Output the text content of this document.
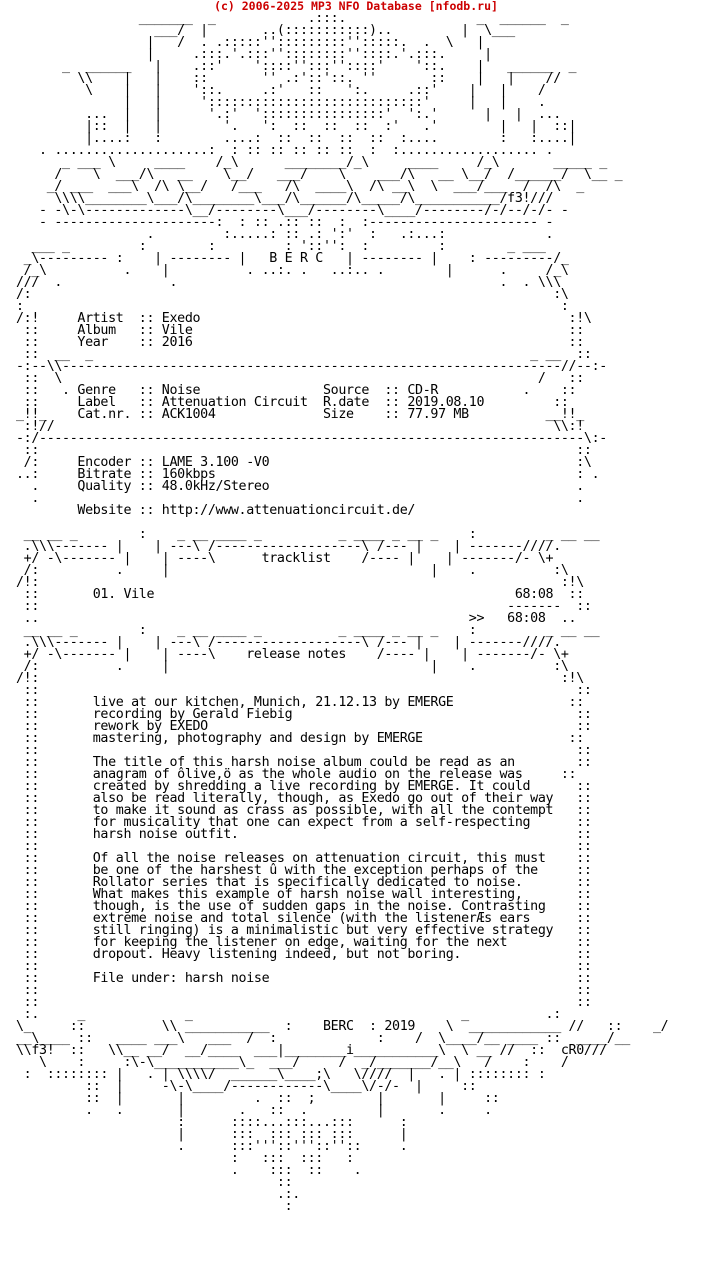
(c) 2006-2025 MP3 NFO Database [nfodb.ru]
_______  _            .:::.                 _  ______  _
___/  |       ..(:::::::::::)..         |  \___
|   /  . .:::::'':::::::::'':::::.  .  \   |
|     .:::.'.:::''::::::::''::::.'.:::.     |
_  ______   |    .::'    '::::'':::''::::'    '::.    |   ______  _
\\    |   |    ::       '' .:'::'::. ''       ::    |   |    //
\    |   |    '::.     .:'   ::   ':.     .::'    |   |    /
|   |     '::::::::::::::::::::::::::::'     |   |    .
...  |   |      '.:'  '::::::::::::::::'  ':.'      |   |  ...
|::  |   |        '.   ':  ::  ::  ::  :'   .'        |   |  ::|
|....:   :        ....:  ::  ::  ::  ::  :....        :   :....|
. ....................:  : :: :: :: :: ::  :  :.................. .
_ ___ \     ____    /_\      ________/_\     ____     /_\       _____ _
/    \  ___/\   __    \__/   ___/    \    ___/\   __ \__/  /______/  \__ _
_/ ___  ___\  /\ \__/   /___   /\  ____\  /\ __\  \  ___/___  /  /\  _
\\\\________\___/\________\___/\______/\_____/\___________/f3!///
- -\-\-------------\__/--------\___/--------\____/--------/-/--/-/- -
- ---------------------:  : :: .:: ::  :  :---------------------- -
.         :.....: :: .: ':'  :   .:...:             .
___ _         :        :         : '::'':  :         :        _ ___
_\--------- :    | -------- |   B E R C   | -------- |    : ---------/_
/_\          .    |          . ..:. .   ..:.. .        |      .     /_\
///  .              .                                          .  . \\\
/:                                                                    :\
:                                                                      :
/:!     Artist  :: Exedo                                                :!\
::     Album   :: Vile                                                 ::
::     Year    :: 2016                                                 ::
::  __  _                                                         _ __  ::
-:--\\-----------------------------------------------------------------//--:-
::  \                                                              /   ::
::   . Genre   :: Noise                Source  :: CD-R           .    ::
::     Label   :: Attenuation Circuit  R.date  :: 2019.08.10         ::
_!!_    Cat.nr. :: ACK1004              Size    :: 77.97 MB          __!!_
:!//                                                                 \\:!
-:/-----------------------------------------------------------------------\:-
::                                                                      ::
/:     Encoder :: LAME 3.100 -V0                                        :\
..:     Bitrate :: 160kbps                                               : .
.     Quality :: 48.0kHz/Stereo                                        .
.                                                                      .
Website :: http://www.attenuationcircuit.de/

__ __ _        :    _ __ ____ _          _ ____ _ __ _    :         _ __ __
.\\\------- |    | ---\ /-------------------\ /--- |    | -------////.
+/ -\------- |    | ----\      tracklist    /---- |    | -------/- \+
/:          .     |                                  |    .          :\
/!:                                                                    :!\
::       01. Vile                                               68:08  ::
::                                                             -------  ::
..                                                        >>   68:08  ..
__ __ _        :    _ __ ____ _          _ ____ _ __ _    :         _ __ __
.\\\------- |    | ---\ /-------------------\ /--- |    | -------////.
+/ -\------- |    | ----\    release notes    /---- |    | -------/- \+
/:          .     |                                  |    .          :\
/!:                                                                    :!\
::                                                                      ::
::       live at our kitchen, Munich, 21.12.13 by EMERGE               ::
::       recording by Gerald Fiebig                                     ::
::       rework by EXEDO                                                ::
::       mastering, photography and design by EMERGE                   ::
::                                                                      ::
::       The title of this harsh noise album could be read as an        ::
::       anagram of ôlive,ö as the whole audio on the release was     ::
::       created by shredding a live recording by EMERGE. It could      ::
::       also be read literally, though, as Exedo go out of their way   ::
::       to make it sound as crass as possible, with all the contempt   ::
::       for musicality that one can expect from a self-respecting      ::
::       harsh noise outfit.                                            ::
::                                                                      ::
::       Of all the noise releases on attenuation circuit, this must    ::
::       be one of the harshest û with the exception perhaps of the     ::
::       Rollator series that is specifically dedicated to noise.       ::
::       What makes this example of harsh noise wall interesting,       ::
::       though, is the use of sudden gaps in the noise. Contrasting    ::
::       extreme noise and total silence (with the listenerÆs ears      ::
::       still ringing) is a minimalistic but very effective strategy   ::
::       for keeping the listener on edge, waiting for the next         ::
::       dropout. Heavy listening indeed, but not boring.               ::
::                                                                      ::
::       File under: harsh noise                                        ::
::                                                                      ::
::                                                                      ::
:.     _             _                                   _          .:
\_     ::          \\ ___________  :    BERC  : 2019    \  ____________ //   ::    _/
__\____ ::   ____ ___\   ___  /  :             :    /  \____/__ ____ ::  ____/__
\\f3!  ::   \\__ __/  __/____  ___|________i___________\  \ __ //  ::  cR0///
\    :     :\-\___________\_  ___/     /  _/_______/__\   /    :    /
:  :::::::: |   . | \\\\/  ______\____;\   \////  |   . | :::::::: :
::  |     -\-\____/------------\____\/-/-  |     ::
::  |       |         .  ::  ;        |       |     ::
.   .       |       .   ::  .         |       .     .
:      ::::...:::...:::      :
|      :::  ::: ::: :::      |
.      :::'''::'''::''::     .
:   :::  :::   :
.    :::  ::    .
::
.:.
:
